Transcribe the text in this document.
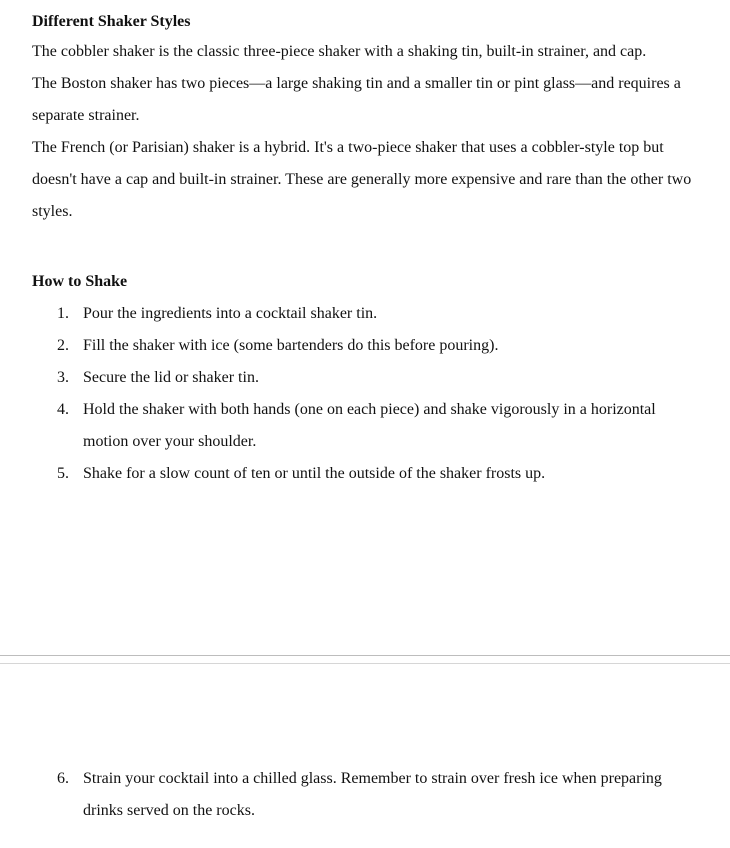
Different Shaker Styles

The cobbler shaker is the classic three-piece shaker with a shaking tin, built-in strainer, and cap.

The Boston shaker has two pieces—a large shaking tin and a smaller tin or pint glass—and requires a separate strainer.

The French (or Parisian) shaker is a hybrid. It's a two-piece shaker that uses a cobbler-style top but doesn't have a cap and built-in strainer. These are generally more expensive and rare than the other two styles.

How to Shake
1. Pour the ingredients into a cocktail shaker tin.
2. Fill the shaker with ice (some bartenders do this before pouring).
3. Secure the lid or shaker tin.
4. Hold the shaker with both hands (one on each piece) and shake vigorously in a horizontal motion over your shoulder.
5. Shake for a slow count of ten or until the outside of the shaker frosts up.
6. Strain your cocktail into a chilled glass. Remember to strain over fresh ice when preparing drinks served on the rocks.
